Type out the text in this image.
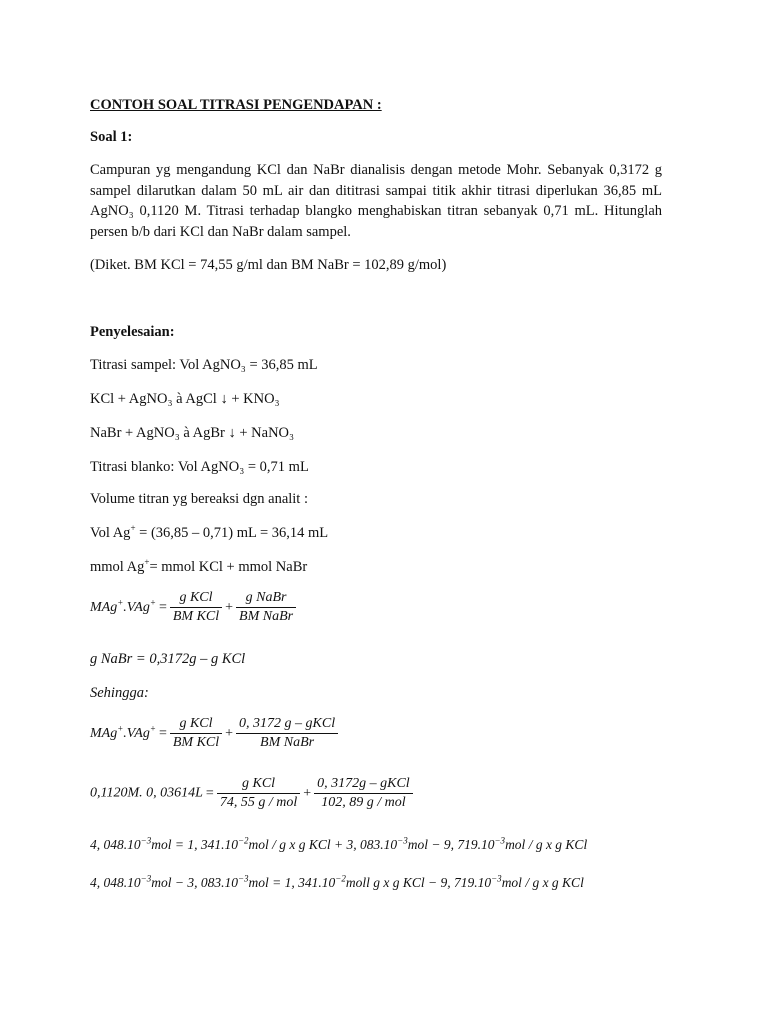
CONTOH SOAL TITRASI PENGENDAPAN :
Soal 1:
Campuran yg mengandung KCl dan NaBr dianalisis dengan metode Mohr. Sebanyak 0,3172 g sampel dilarutkan dalam 50 mL air dan dititrasi sampai titik akhir titrasi diperlukan 36,85 mL AgNO₃ 0,1120 M. Titrasi terhadap blangko menghabiskan titran sebanyak 0,71 mL. Hitunglah persen b/b dari KCl dan NaBr dalam sampel.
(Diket. BM KCl = 74,55 g/ml dan BM NaBr = 102,89 g/mol)
Penyelesaian:
Titrasi sampel: Vol AgNO₃ = 36,85 mL
KCl + AgNO₃ à AgCl ↓ + KNO₃
NaBr + AgNO₃ à AgBr ↓ + NaNO₃
Titrasi blanko: Vol AgNO₃ = 0,71 mL
Volume titran yg bereaksi dgn analit :
Vol Ag+ = (36,85 – 0,71) mL = 36,14 mL
mmol Ag+= mmol KCl + mmol NaBr
$MAg^+.VAg^+ = \frac{\text{g KCl}}{\text{BM KCl}} + \frac{\text{g NaBr}}{\text{BM NaBr}}$
g NaBr = 0,3172g – g KCl
Sehingga:
$MAg^+.VAg^+ = \frac{\text{g KCl}}{\text{BM KCl}} + \frac{\text{0, 3172 g – gKCl}}{\text{BM NaBr}}$
0,1120M. 0, $03614L = \frac{\text{g KCl}}{\text{74, 55 g / mol}} + \frac{\text{0, 3172g – gKCl}}{\text{102, 89 g / mol}}$
4, $048.10^{-3}mol = 1$, $341.10^{-2}mol$ / g x g KCl + 3, $083.10^{-3}mol - 9$, $719.10^{-3}mol$ / g x g KCl
4, $048.10^{-3}mol - 3$, $083.10^{-3}mol = 1$, $341.10^{-2}moll$ g x g KCl − 9, $719.10^{-3}mol$ / g x g KCl
